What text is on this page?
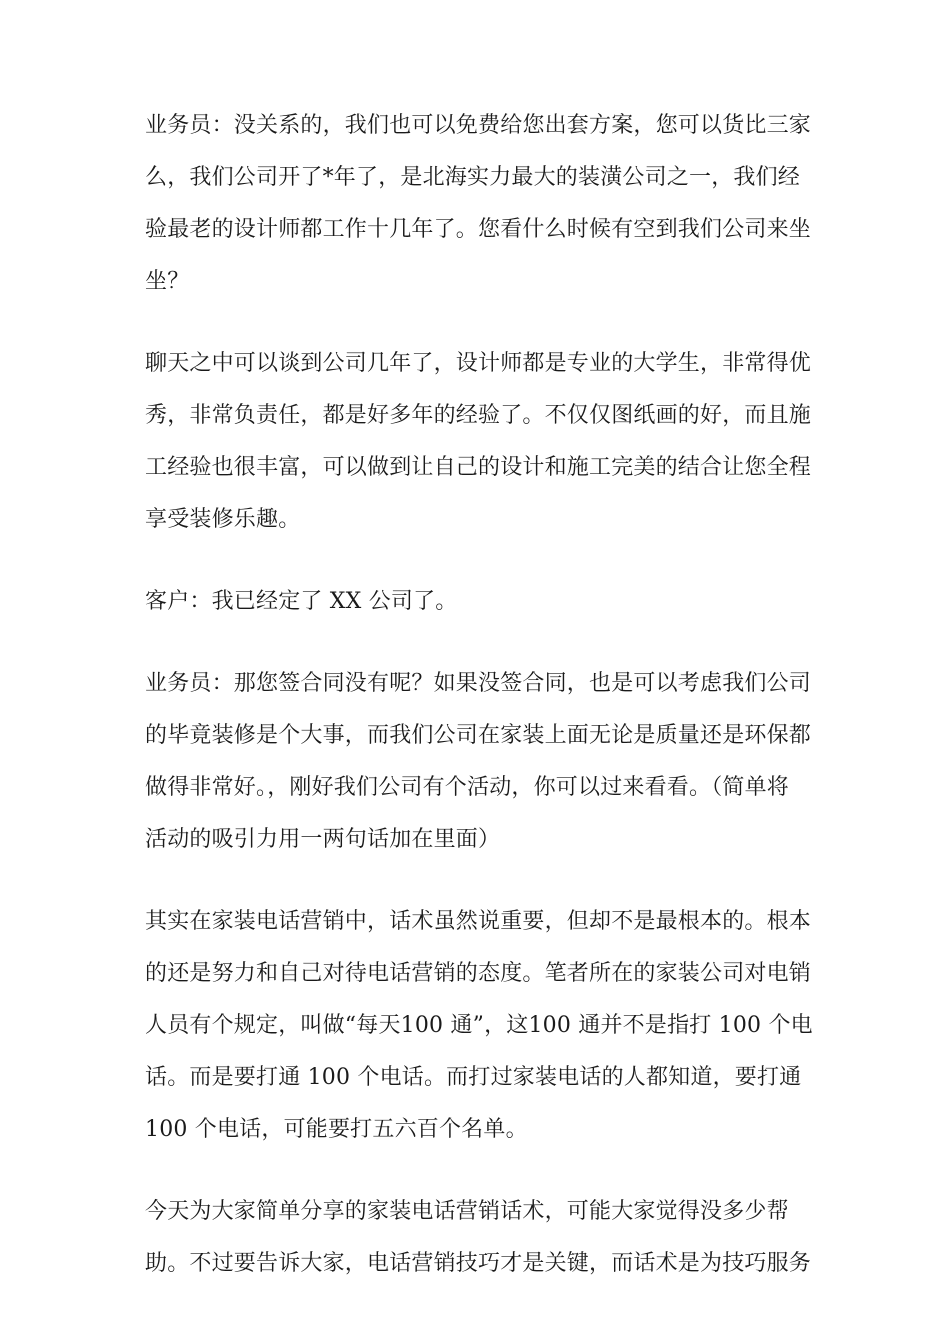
业务员：没关系的，我们也可以免费给您出套方案，您可以货比三家
么，我们公司开了*年了，是北海实力最大的装潢公司之一，我们经
验最老的设计师都工作十几年了。您看什么时候有空到我们公司来坐
坐？
聊天之中可以谈到公司几年了，设计师都是专业的大学生，非常得优
秀，非常负责任，都是好多年的经验了。不仅仅图纸画的好，而且施
工经验也很丰富，可以做到让自己的设计和施工完美的结合让您全程
享受装修乐趣。
客户：我已经定了 XX 公司了。
业务员：那您签合同没有呢？如果没签合同，也是可以考虑我们公司
的毕竟装修是个大事，而我们公司在家装上面无论是质量还是环保都
做得非常好。，刚好我们公司有个活动，你可以过来看看。（简单将
活动的吸引力用一两句话加在里面）
其实在家装电话营销中，话术虽然说重要，但却不是最根本的。根本
的还是努力和自己对待电话营销的态度。笔者所在的家装公司对电销
人员有个规定，叫做“每天100 通”，这100 通并不是指打 100 个电
话。而是要打通 100 个电话。而打过家装电话的人都知道，要打通
100 个电话，可能要打五六百个名单。
今天为大家简单分享的家装电话营销话术，可能大家觉得没多少帮
助。不过要告诉大家，电话营销技巧才是关键，而话术是为技巧服务
